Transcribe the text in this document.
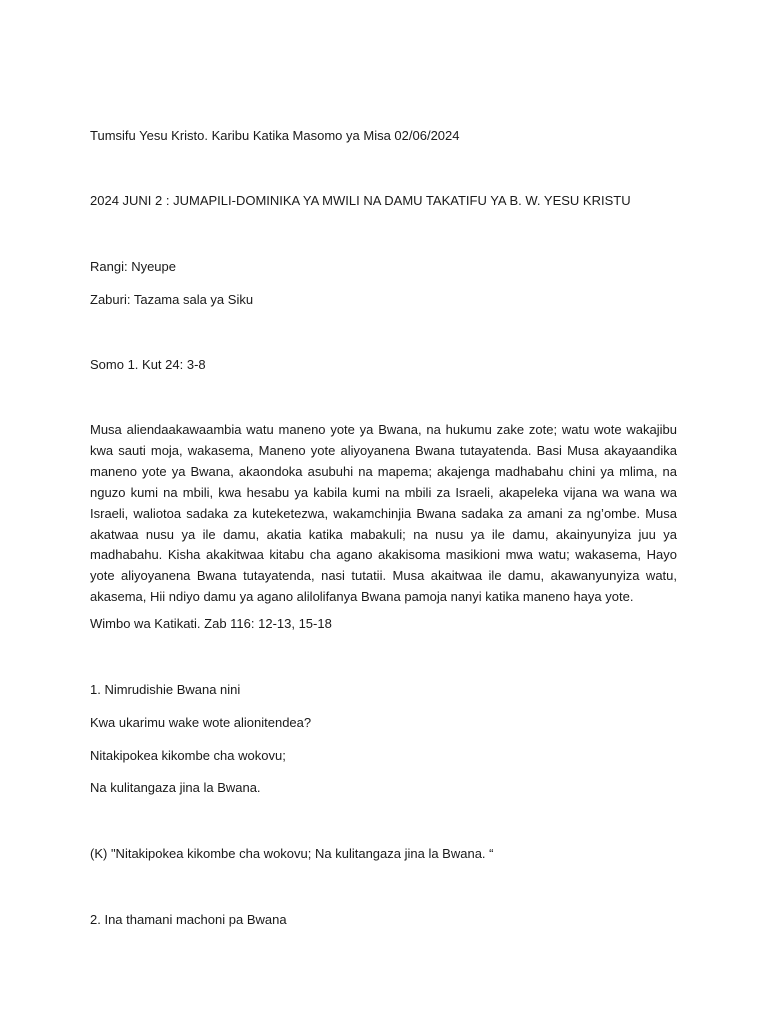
Tumsifu Yesu Kristo. Karibu Katika Masomo ya Misa 02/06/2024
2024 JUNI 2 : JUMAPILI-DOMINIKA YA MWILI NA DAMU TAKATIFU YA B. W. YESU KRISTU
Rangi: Nyeupe
Zaburi: Tazama sala ya Siku
Somo 1. Kut 24: 3-8
Musa aliendaakawaambia watu maneno yote ya Bwana, na hukumu zake zote; watu wote wakajibu kwa sauti moja, wakasema, Maneno yote aliyoyanena Bwana tutayatenda. Basi Musa akayaandika maneno yote ya Bwana, akaondoka asubuhi na mapema; akajenga madhabahu chini ya mlima, na nguzo kumi na mbili, kwa hesabu ya kabila kumi na mbili za Israeli, akapeleka vijana wa wana wa Israeli, waliotoa sadaka za kuteketezwa, wakamchinjia Bwana sadaka za amani za ng’ombe. Musa akatwaa nusu ya ile damu, akatia katika mabakuli; na nusu ya ile damu, akainyunyiza juu ya madhabahu. Kisha akakitwaa kitabu cha agano akakisoma masikioni mwa watu; wakasema, Hayo yote aliyoyanena Bwana tutayatenda, nasi tutatii. Musa akaitwaa ile damu, akawanyunyiza watu, akasema, Hii ndiyo damu ya agano alilolifanya Bwana pamoja nanyi katika maneno haya yote.
Wimbo wa Katikati. Zab 116: 12-13, 15-18
1. Nimrudishie Bwana nini
Kwa ukarimu wake wote alionitendea?
Nitakipokea kikombe cha wokovu;
Na kulitangaza jina la Bwana.
(K) "Nitakipokea kikombe cha wokovu; Na kulitangaza jina la Bwana. “
2. Ina thamani machoni pa Bwana
